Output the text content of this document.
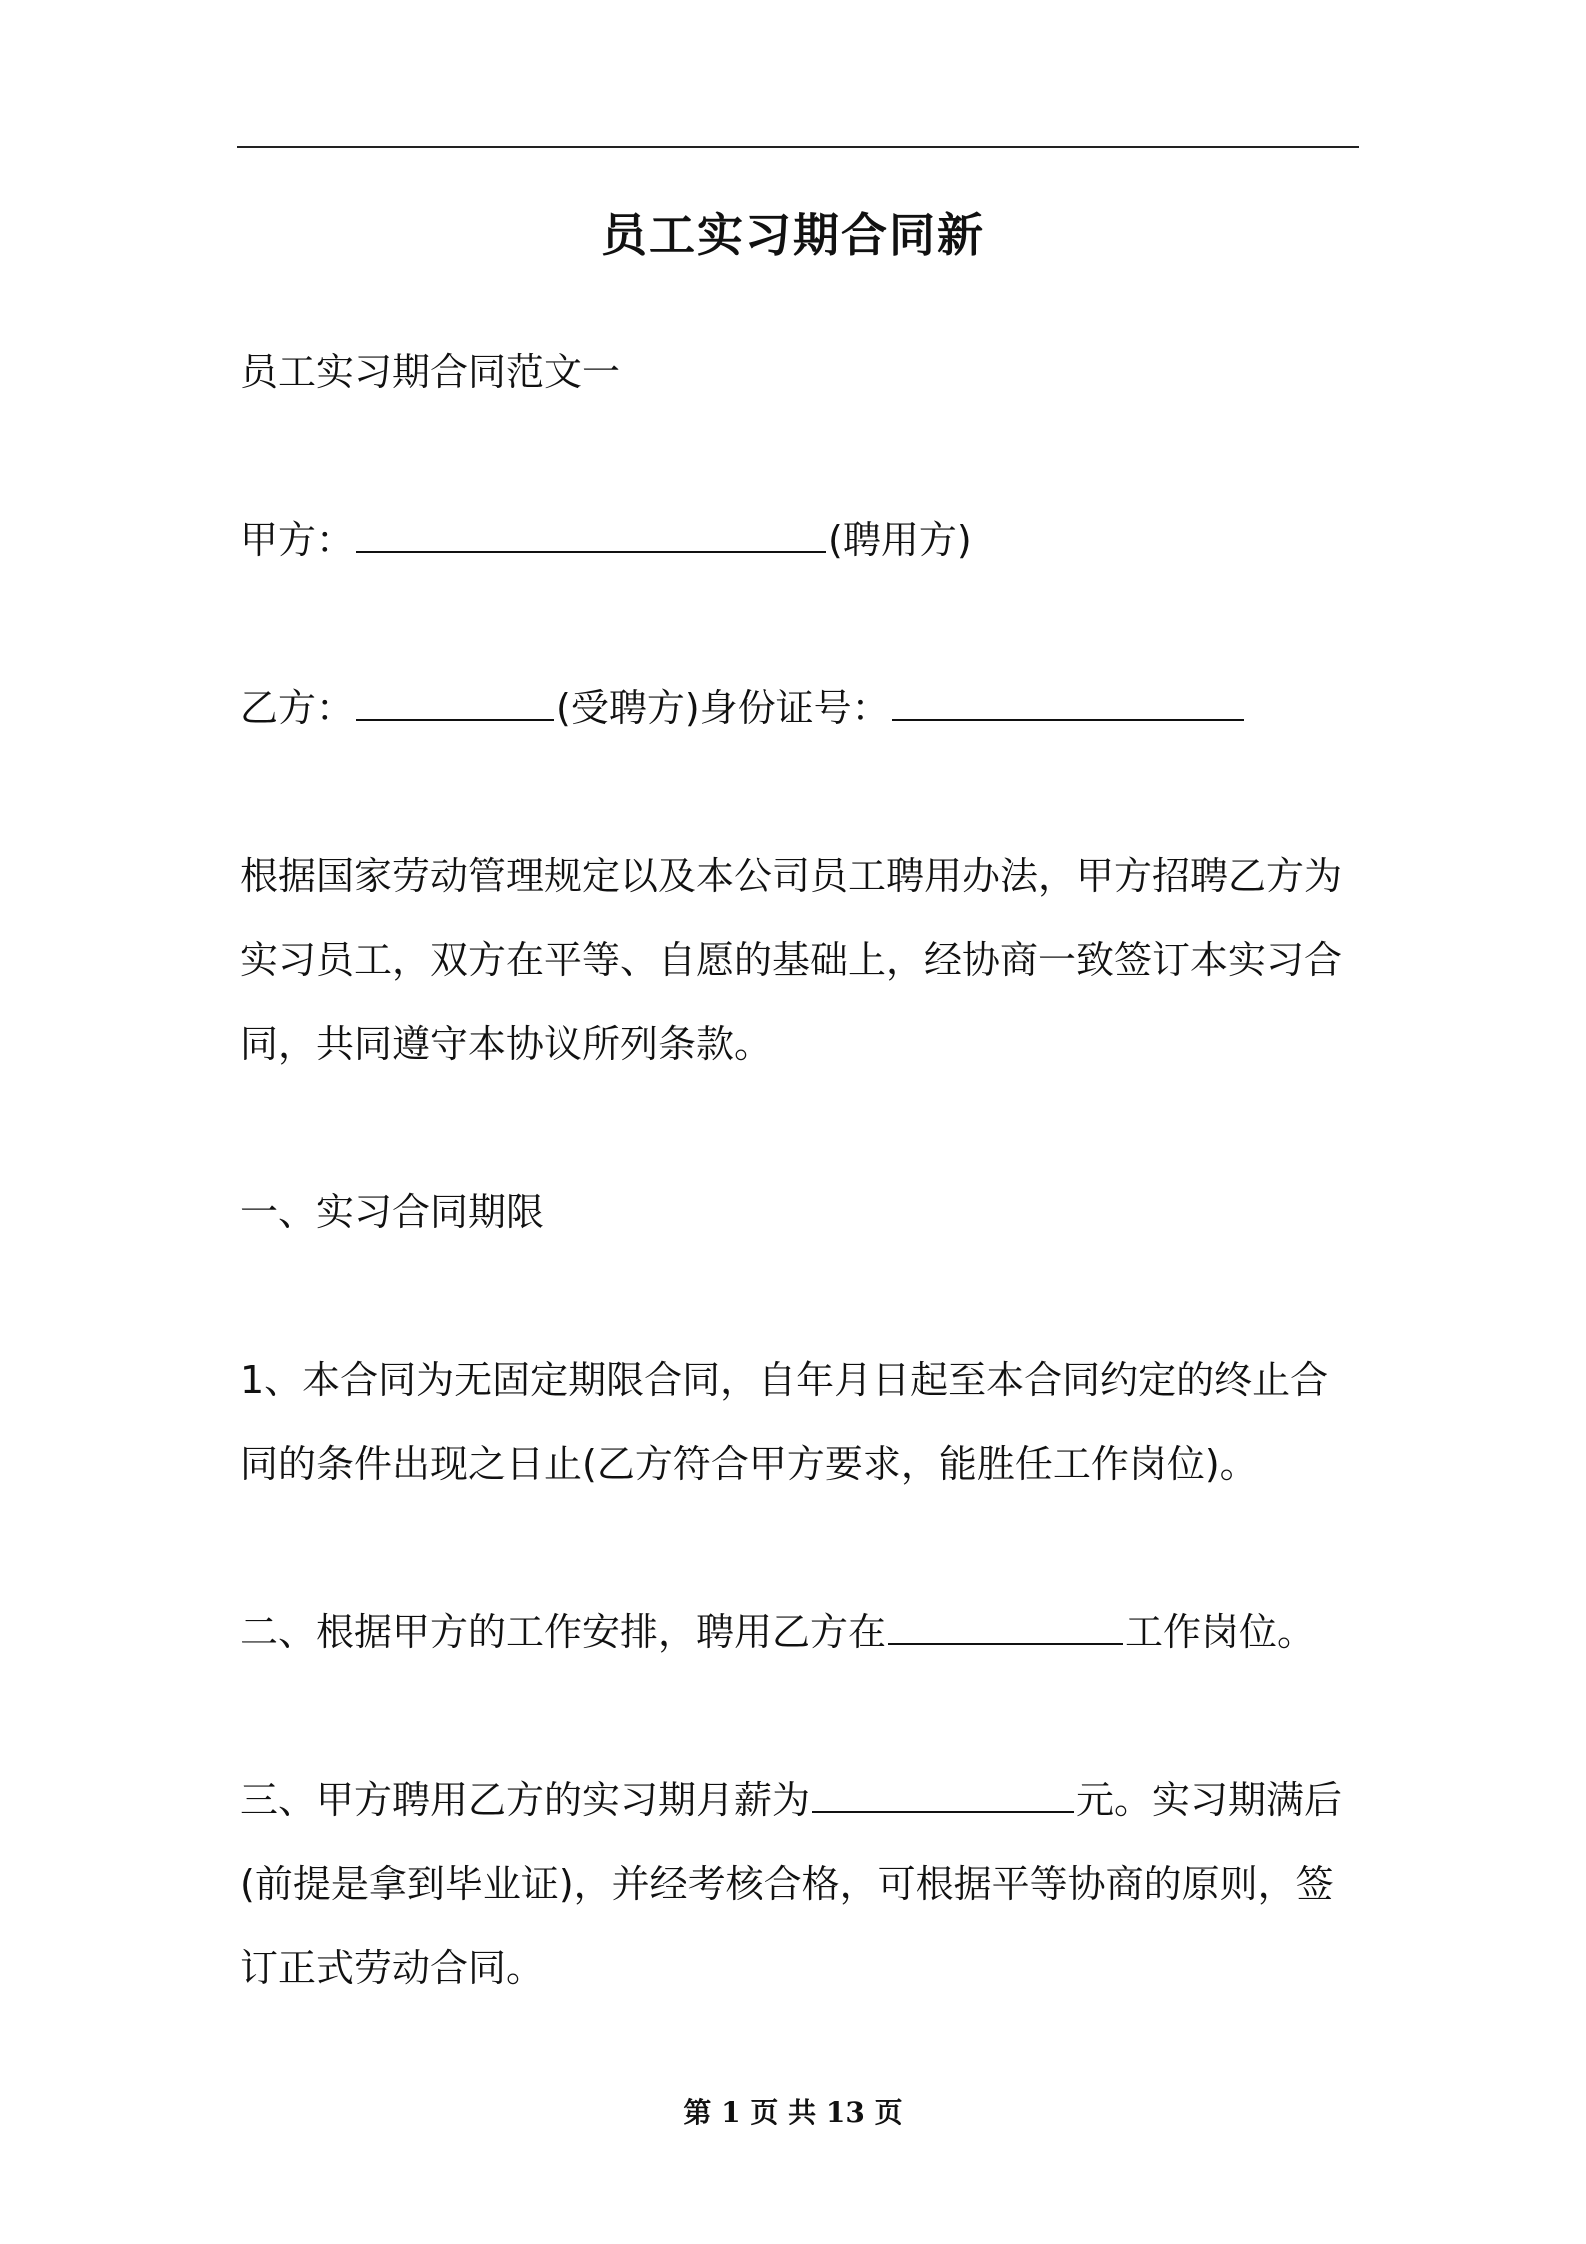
员工实习期合同新

员工实习期合同范文一

甲方：	(聘用方)

乙方：	(受聘方)身份证号：

根据国家劳动管理规定以及本公司员工聘用办法，甲方招聘乙方为实习员工，双方在平等、自愿的基础上，经协商一致签订本实习合同，共同遵守本协议所列条款。

一、实习合同期限

1、本合同为无固定期限合同，自年月日起至本合同约定的终止合同的条件出现之日止(乙方符合甲方要求，能胜任工作岗位)。

二、根据甲方的工作安排，聘用乙方在	工作岗位。

三、甲方聘用乙方的实习期月薪为	元。实习期满后(前提是拿到毕业证)，并经考核合格，可根据平等协商的原则，签订正式劳动合同。

第 1 页 共 13 页
